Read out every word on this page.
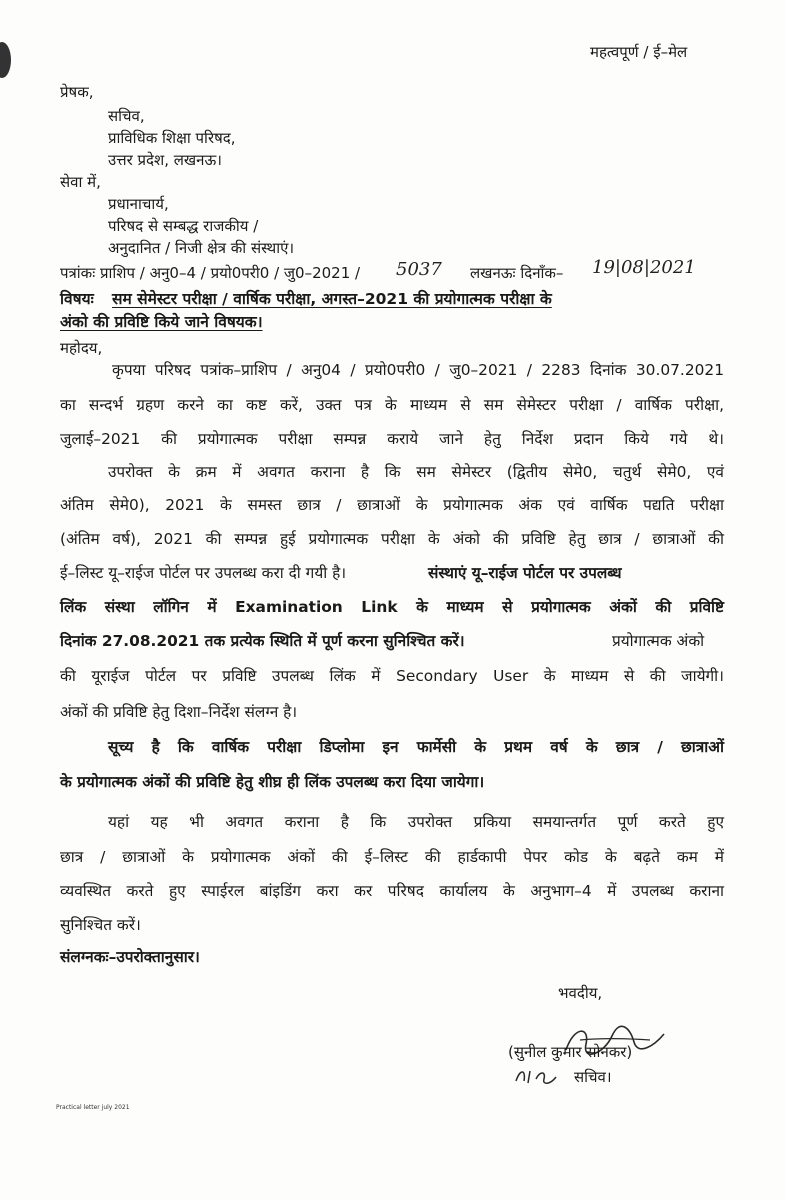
महत्वपूर्ण / ई–मेल
प्रेषक,
सचिव,
प्राविधिक शिक्षा परिषद,
उत्तर प्रदेश, लखनऊ।
सेवा में,
प्रधानाचार्य,
परिषद से सम्बद्ध राजकीय /
अनुदानित / निजी क्षेत्र की संस्थाएं।
पत्रांकः प्राशिप / अनु0–4 / प्रयो0परी0 / जु0–2021 / 5037 लखनऊः दिनाँक– 19|08|2021
विषयः सम सेमेस्टर परीक्षा / वार्षिक परीक्षा, अगस्त–2021 की प्रयोगात्मक परीक्षा के
अंको की प्रविष्टि किये जाने विषयक।
महोदय,
कृपया परिषद पत्रांक–प्राशिप / अनु04 / प्रयो0परी0 / जु0–2021 / 2283 दिनांक 30.07.2021
का सन्दर्भ ग्रहण करने का कष्ट करें, उक्त पत्र के माध्यम से सम सेमेस्टर परीक्षा / वार्षिक परीक्षा,
जुलाई–2021 की प्रयोगात्मक परीक्षा सम्पन्न कराये जाने हेतु निर्देश प्रदान किये गये थे।
उपरोक्त के क्रम में अवगत कराना है कि सम सेमेस्टर (द्वितीय सेमे0, चतुर्थ सेमे0, एवं
अंतिम सेमे0), 2021 के समस्त छात्र / छात्राओं के प्रयोगात्मक अंक एवं वार्षिक पद्यति परीक्षा
(अंतिम वर्ष), 2021 की सम्पन्न हुई प्रयोगात्मक परीक्षा के अंको की प्रविष्टि हेतु छात्र / छात्राओं की
ई–लिस्ट यू–राईज पोर्टल पर उपलब्ध करा दी गयी है।	संस्थाएं यू–राईज पोर्टल पर उपलब्ध
लिंक संस्था लॉगिन में Examination Link के माध्यम से प्रयोगात्मक अंकों की प्रविष्टि
दिनांक 27.08.2021 तक प्रत्येक स्थिति में पूर्ण करना सुनिश्चित करें।	प्रयोगात्मक अंको
की यूराईज पोर्टल पर प्रविष्टि उपलब्ध लिंक में Secondary User के माध्यम से की जायेगी।
अंकों की प्रविष्टि हेतु दिशा–निर्देश संलग्न है।
सूच्य है कि वार्षिक परीक्षा डिप्लोमा इन फार्मेसी के प्रथम वर्ष के छात्र / छात्राओं
के प्रयोगात्मक अंकों की प्रविष्टि हेतु शीघ्र ही लिंक उपलब्ध करा दिया जायेगा।
यहां यह भी अवगत कराना है कि उपरोक्त प्रकिया समयान्तर्गत पूर्ण करते हुए
छात्र / छात्राओं के प्रयोगात्मक अंकों की ई–लिस्ट की हार्डकापी पेपर कोड के बढ़ते कम में
व्यवस्थित करते हुए स्पाईरल बांइडिंग करा कर परिषद कार्यालय के अनुभाग–4 में उपलब्ध कराना
सुनिश्चित करें।
संलग्नकः–उपरोक्तानुसार।
भवदीय,
(सुनील कुमार सोनकर)
सचिव।
Practical letter july 2021
